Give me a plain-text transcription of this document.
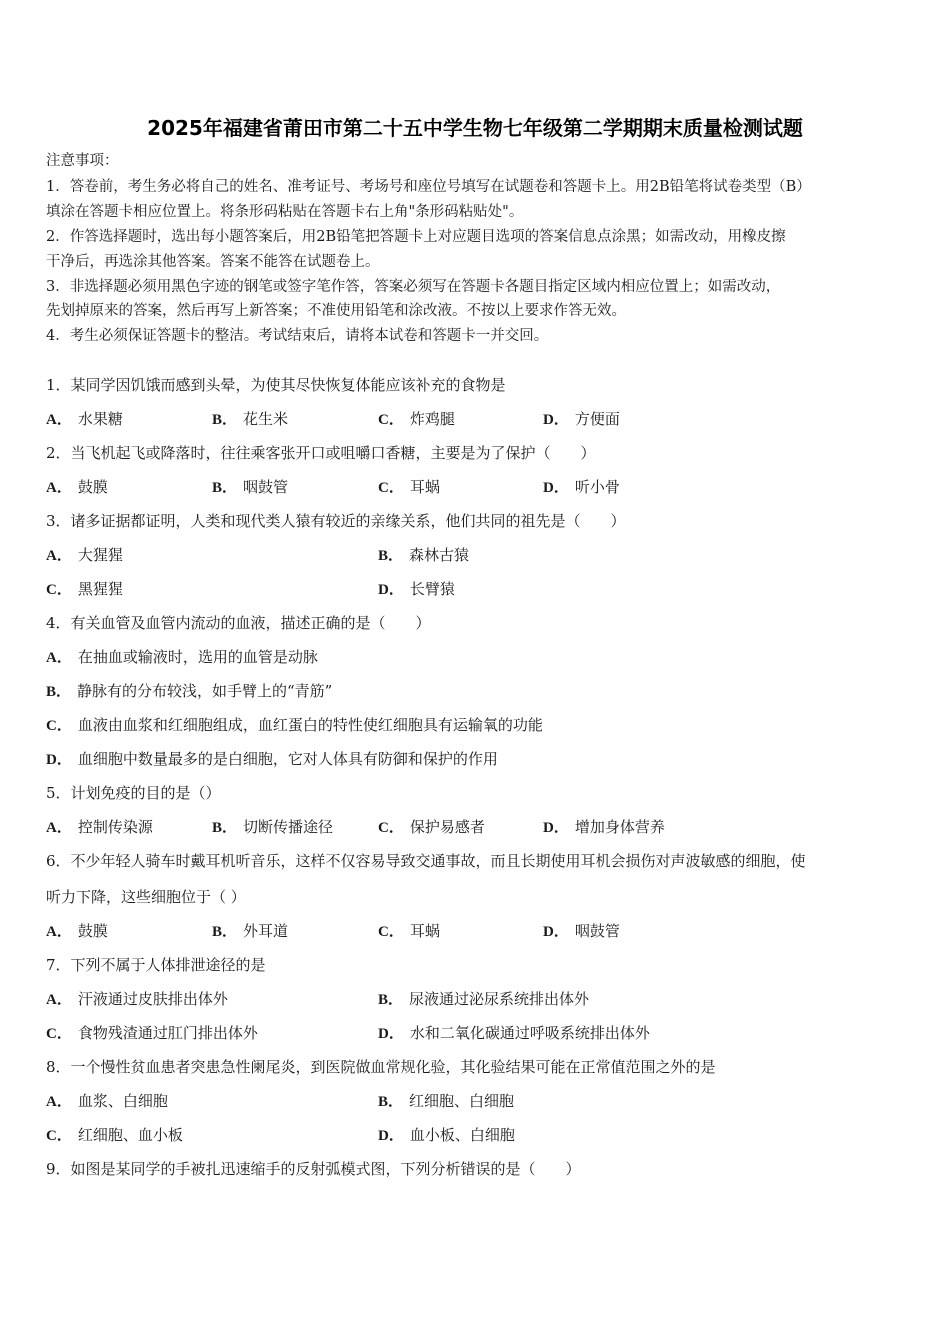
2025年福建省莆田市第二十五中学生物七年级第二学期期末质量检测试题
注意事项：
1．答卷前，考生务必将自己的姓名、准考证号、考场号和座位号填写在试题卷和答题卡上。用2B铅笔将试卷类型（B）
填涂在答题卡相应位置上。将条形码粘贴在答题卡右上角"条形码粘贴处"。
2．作答选择题时，选出每小题答案后，用2B铅笔把答题卡上对应题目选项的答案信息点涂黑；如需改动，用橡皮擦
干净后，再选涂其他答案。答案不能答在试题卷上。
3．非选择题必须用黑色字迹的钢笔或签字笔作答，答案必须写在答题卡各题目指定区域内相应位置上；如需改动，
先划掉原来的答案，然后再写上新答案；不准使用铅笔和涂改液。不按以上要求作答无效。
4．考生必须保证答题卡的整洁。考试结束后，请将本试卷和答题卡一并交回。
1．某同学因饥饿而感到头晕，为使其尽快恢复体能应该补充的食物是
A． 水果糖	B． 花生米	C． 炸鸡腿	D． 方便面
2．当飞机起飞或降落时，往往乘客张开口或咀嚼口香糖，主要是为了保护（　　）
A． 鼓膜	B． 咽鼓管	C． 耳蜗	D． 听小骨
3．诸多证据都证明，人类和现代类人猿有较近的亲缘关系，他们共同的祖先是（　　）
A． 大猩猩	B． 森林古猿
C． 黑猩猩	D． 长臂猿
4．有关血管及血管内流动的血液，描述正确的是（　　）
A． 在抽血或输液时，选用的血管是动脉
B． 静脉有的分布较浅，如手臂上的“青筋”
C． 血液由血浆和红细胞组成，血红蛋白的特性使红细胞具有运输氧的功能
D． 血细胞中数量最多的是白细胞，它对人体具有防御和保护的作用
5．计划免疫的目的是（）
A． 控制传染源	B． 切断传播途径	C． 保护易感者	D． 增加身体营养
6．不少年轻人骑车时戴耳机听音乐，这样不仅容易导致交通事故，而且长期使用耳机会损伤对声波敏感的细胞，使
听力下降，这些细胞位于（ ）
A． 鼓膜	B． 外耳道	C． 耳蜗	D． 咽鼓管
7．下列不属于人体排泄途径的是
A． 汗液通过皮肤排出体外	B． 尿液通过泌尿系统排出体外
C． 食物残渣通过肛门排出体外	D． 水和二氧化碳通过呼吸系统排出体外
8．一个慢性贫血患者突患急性阑尾炎，到医院做血常规化验，其化验结果可能在正常值范围之外的是
A． 血浆、白细胞	B． 红细胞、白细胞
C． 红细胞、血小板	D． 血小板、白细胞
9．如图是某同学的手被扎迅速缩手的反射弧模式图，下列分析错误的是（　　）
